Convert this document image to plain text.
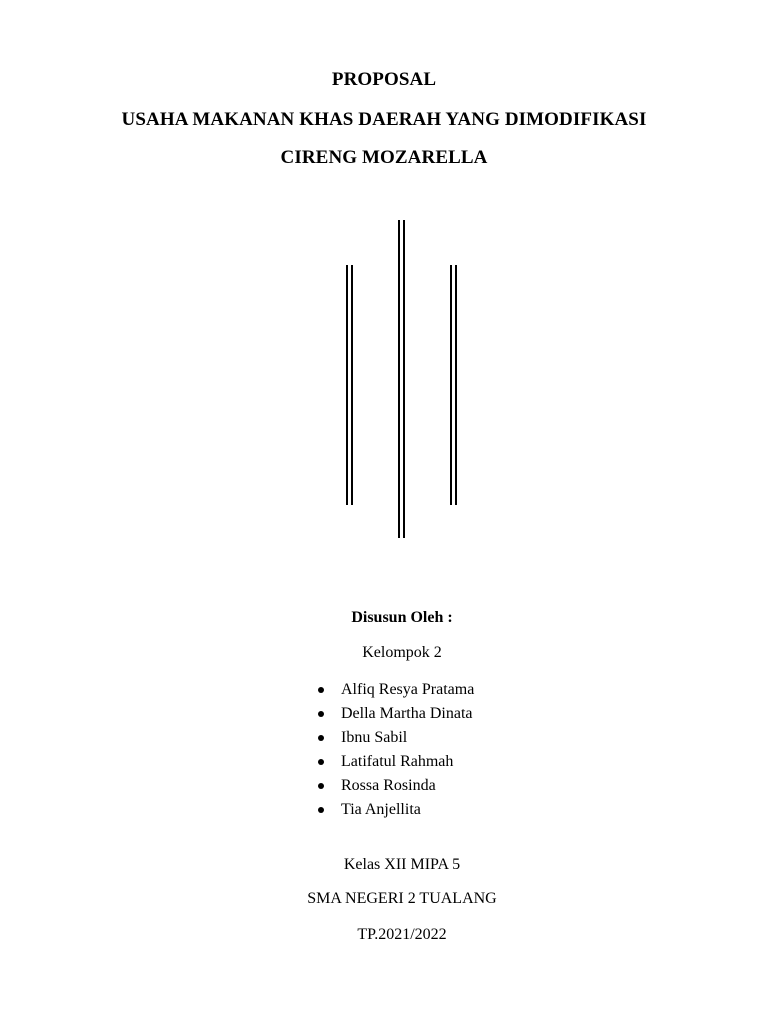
PROPOSAL
USAHA MAKANAN KHAS DAERAH YANG DIMODIFIKASI
CIRENG MOZARELLA
Disusun Oleh :
Kelompok 2
Alfiq Resya Pratama
Della Martha Dinata
Ibnu Sabil
Latifatul Rahmah
Rossa Rosinda
Tia Anjellita
Kelas XII MIPA 5
SMA NEGERI 2 TUALANG
TP.2021/2022
